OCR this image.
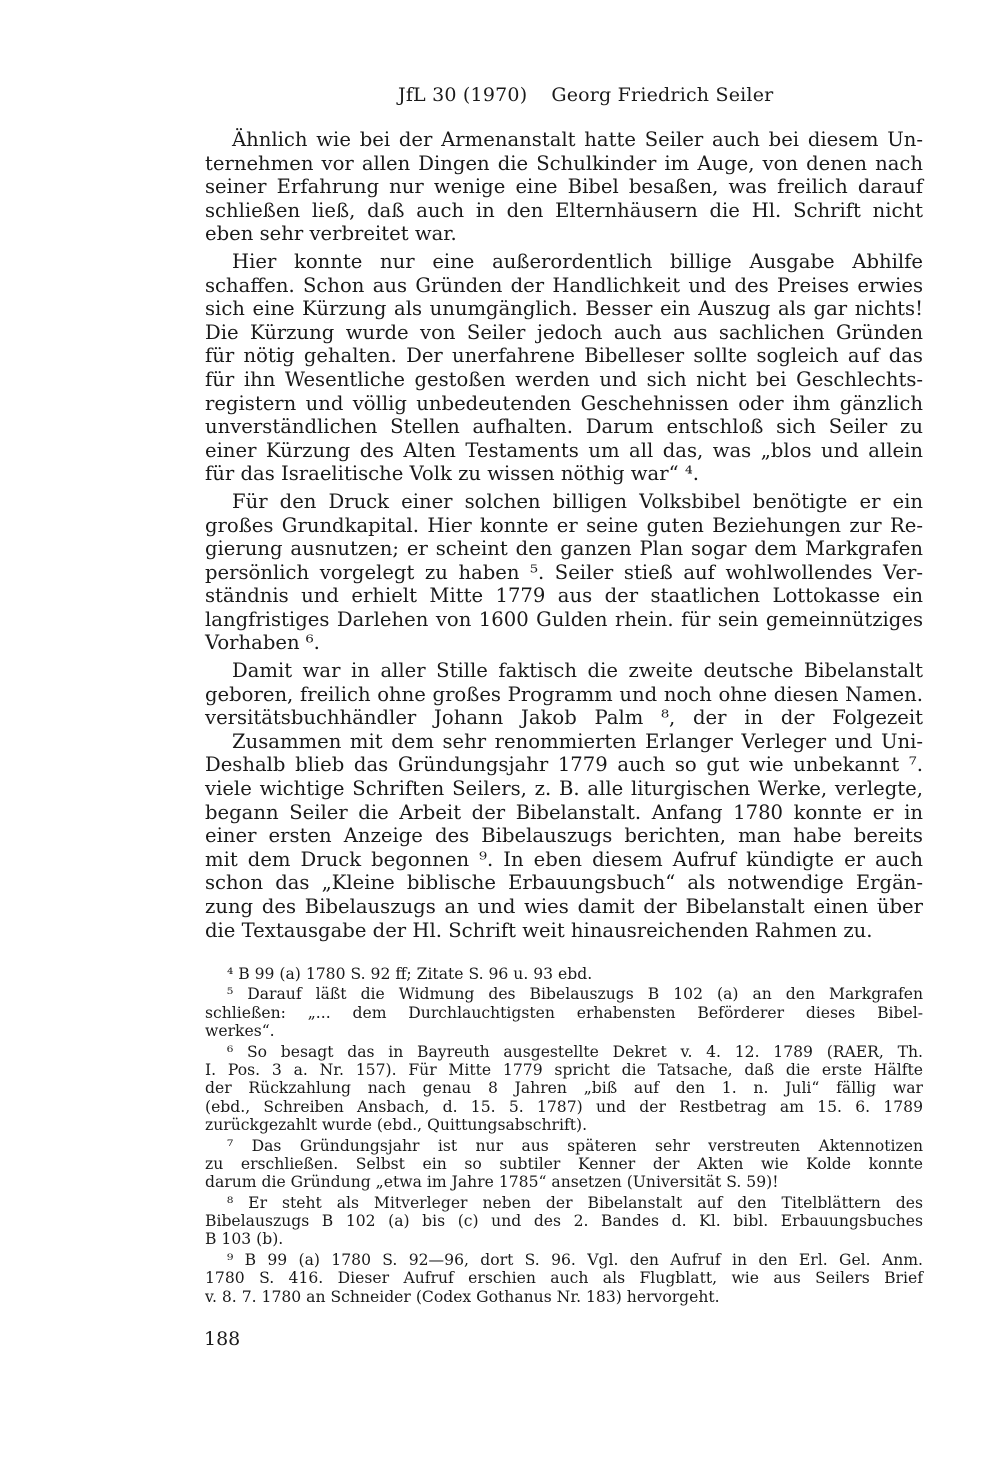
JfL 30 (1970) Georg Friedrich Seiler
Ähnlich wie bei der Armenanstalt hatte Seiler auch bei diesem Un-
ternehmen vor allen Dingen die Schulkinder im Auge, von denen nach
seiner Erfahrung nur wenige eine Bibel besaßen, was freilich darauf
schließen ließ, daß auch in den Elternhäusern die Hl. Schrift nicht
eben sehr verbreitet war.
Hier konnte nur eine außerordentlich billige Ausgabe Abhilfe
schaffen. Schon aus Gründen der Handlichkeit und des Preises erwies
sich eine Kürzung als unumgänglich. Besser ein Auszug als gar nichts!
Die Kürzung wurde von Seiler jedoch auch aus sachlichen Gründen
für nötig gehalten. Der unerfahrene Bibelleser sollte sogleich auf das
für ihn Wesentliche gestoßen werden und sich nicht bei Geschlechts-
registern und völlig unbedeutenden Geschehnissen oder ihm gänzlich
unverständlichen Stellen aufhalten. Darum entschloß sich Seiler zu
einer Kürzung des Alten Testaments um all das, was „blos und allein
für das Israelitische Volk zu wissen nöthig war“ ⁴.
Für den Druck einer solchen billigen Volksbibel benötigte er ein
großes Grundkapital. Hier konnte er seine guten Beziehungen zur Re-
gierung ausnutzen; er scheint den ganzen Plan sogar dem Markgrafen
persönlich vorgelegt zu haben ⁵. Seiler stieß auf wohlwollendes Ver-
ständnis und erhielt Mitte 1779 aus der staatlichen Lottokasse ein
langfristiges Darlehen von 1600 Gulden rhein. für sein gemeinnütziges
Vorhaben ⁶.
Damit war in aller Stille faktisch die zweite deutsche Bibelanstalt
geboren, freilich ohne großes Programm und noch ohne diesen Namen.
versitätsbuchhändler Johann Jakob Palm ⁸, der in der Folgezeit
Zusammen mit dem sehr renommierten Erlanger Verleger und Uni-
Deshalb blieb das Gründungsjahr 1779 auch so gut wie unbekannt ⁷.
viele wichtige Schriften Seilers, z. B. alle liturgischen Werke, verlegte,
begann Seiler die Arbeit der Bibelanstalt. Anfang 1780 konnte er in
einer ersten Anzeige des Bibelauszugs berichten, man habe bereits
mit dem Druck begonnen ⁹. In eben diesem Aufruf kündigte er auch
schon das „Kleine biblische Erbauungsbuch“ als notwendige Ergän-
zung des Bibelauszugs an und wies damit der Bibelanstalt einen über
die Textausgabe der Hl. Schrift weit hinausreichenden Rahmen zu.
⁴ B 99 (a) 1780 S. 92 ff; Zitate S. 96 u. 93 ebd.
⁵ Darauf läßt die Widmung des Bibelauszugs B 102 (a) an den Markgrafen
schließen: „... dem Durchlauchtigsten erhabensten Beförderer dieses Bibel-
werkes“.
⁶ So besagt das in Bayreuth ausgestellte Dekret v. 4. 12. 1789 (RAER, Th.
I. Pos. 3 a. Nr. 157). Für Mitte 1779 spricht die Tatsache, daß die erste Hälfte
der Rückzahlung nach genau 8 Jahren „biß auf den 1. n. Juli“ fällig war
(ebd., Schreiben Ansbach, d. 15. 5. 1787) und der Restbetrag am 15. 6. 1789
zurückgezahlt wurde (ebd., Quittungsabschrift).
⁷ Das Gründungsjahr ist nur aus späteren sehr verstreuten Aktennotizen
zu erschließen. Selbst ein so subtiler Kenner der Akten wie Kolde konnte
darum die Gründung „etwa im Jahre 1785“ ansetzen (Universität S. 59)!
⁸ Er steht als Mitverleger neben der Bibelanstalt auf den Titelblättern des
Bibelauszugs B 102 (a) bis (c) und des 2. Bandes d. Kl. bibl. Erbauungsbuches
B 103 (b).
⁹ B 99 (a) 1780 S. 92—96, dort S. 96. Vgl. den Aufruf in den Erl. Gel. Anm.
1780 S. 416. Dieser Aufruf erschien auch als Flugblatt, wie aus Seilers Brief
v. 8. 7. 1780 an Schneider (Codex Gothanus Nr. 183) hervorgeht.
188
